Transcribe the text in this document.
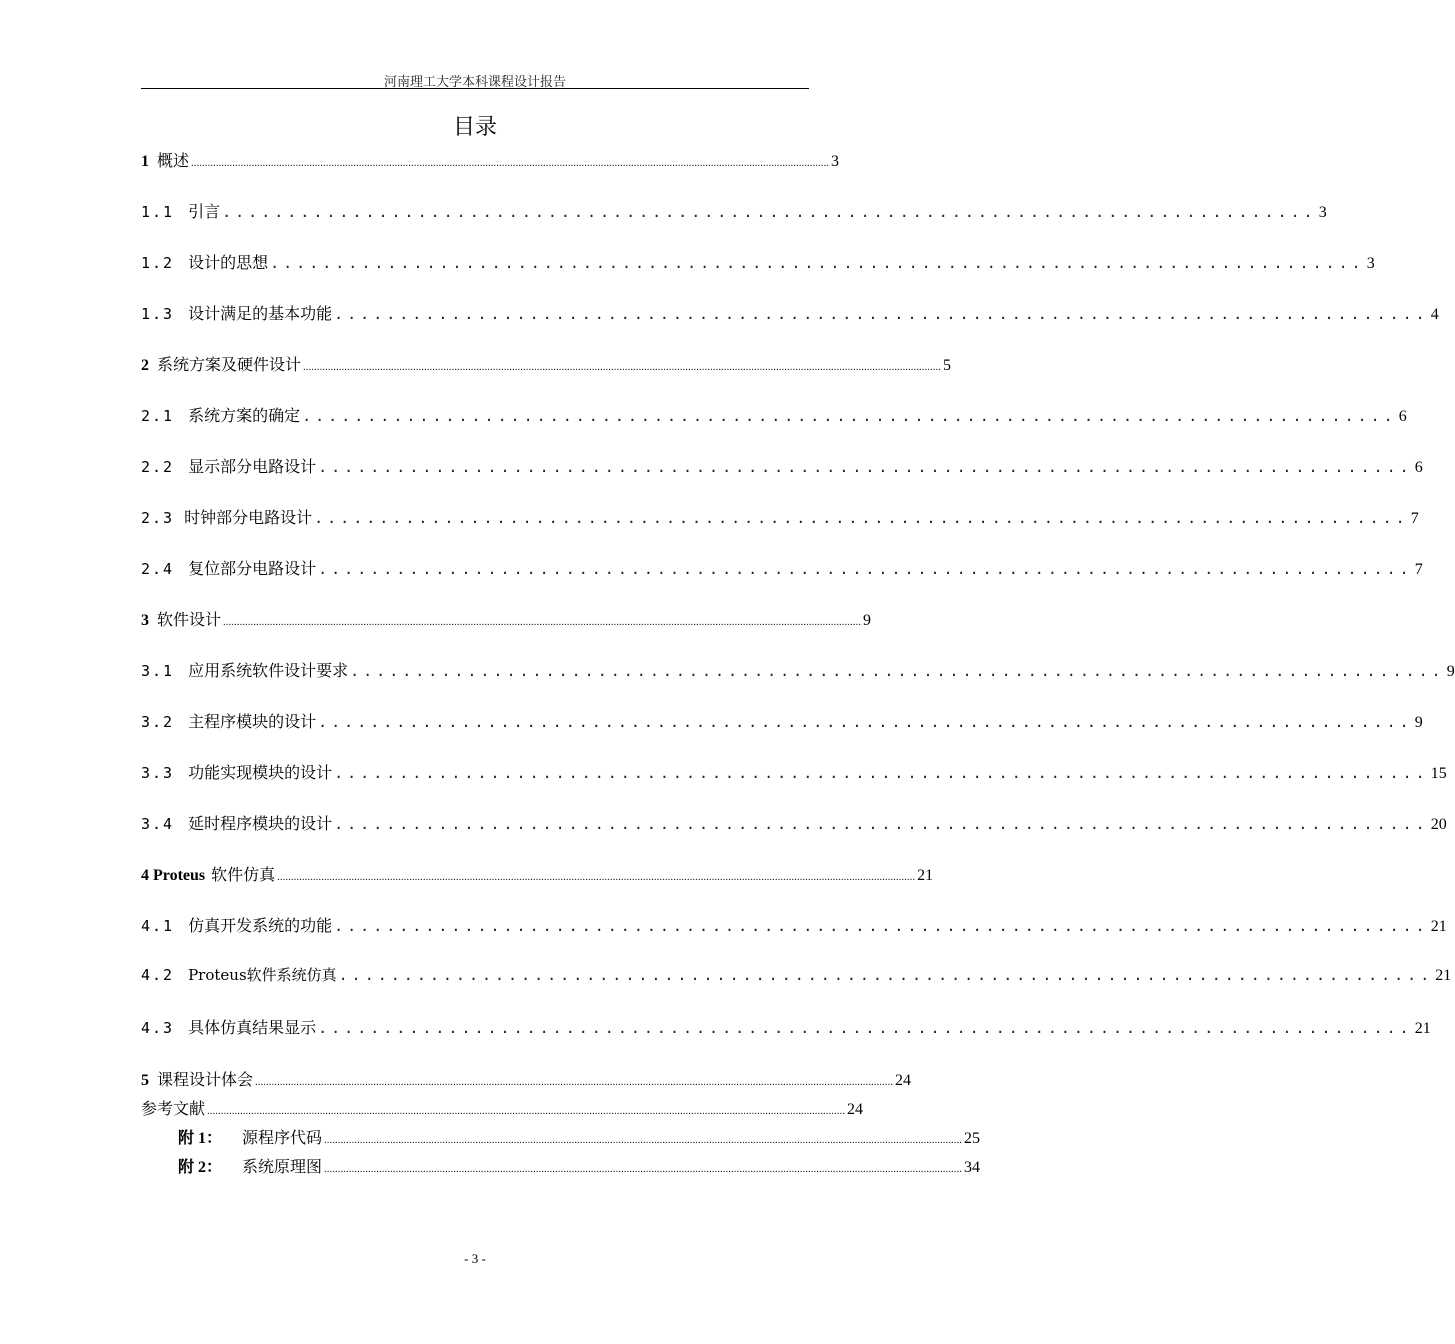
河南理工大学本科课程设计报告
目录
1 概述 ........................................................................................................................................................................................................................................ 3
1.1 引言 .................................................................................... 3
1.2 设计的思想 .................................................................................... 3
1.3 设计满足的基本功能 .................................................................................... 4
2 系统方案及硬件设计 ........................................................................................................................................................................................................................................ 5
2.1 系统方案的确定 .................................................................................... 6
2.2 显示部分电路设计 .................................................................................... 6
2.3 时钟部分电路设计 .................................................................................... 7
2.4 复位部分电路设计 .................................................................................... 7
3 软件设计 ........................................................................................................................................................................................................................................ 9
3.1 应用系统软件设计要求 .................................................................................... 9
3.2 主程序模块的设计 .................................................................................... 9
3.3 功能实现模块的设计 .................................................................................... 15
3.4 延时程序模块的设计 .................................................................................... 20
4 Proteus 软件仿真 ........................................................................................................................................................................................................................................ 21
4.1 仿真开发系统的功能 .................................................................................... 21
4.2 Proteus软件系统仿真 .................................................................................... 21
4.3 具体仿真结果显示 .................................................................................... 21
5 课程设计体会 ........................................................................................................................................................................................................................................ 24
参考文献 ........................................................................................................................................................................................................................................ 24
附 1： 源程序代码 ........................................................................................................................................................................................................................................ 25
附 2： 系统原理图 ........................................................................................................................................................................................................................................ 34
- 3 -
